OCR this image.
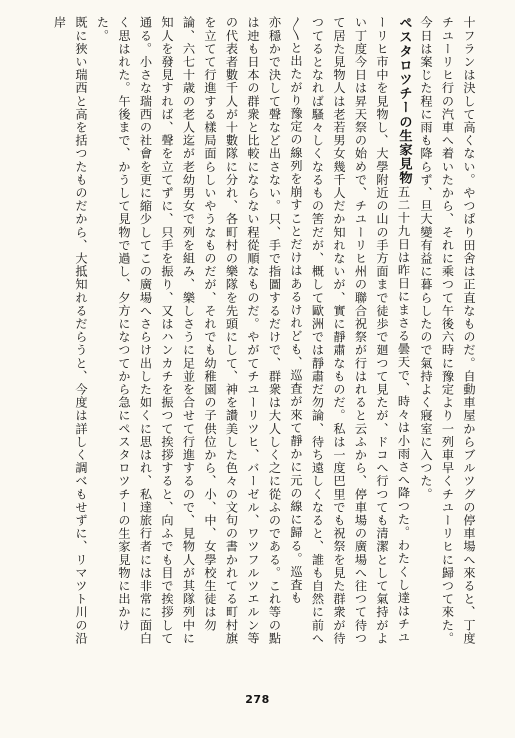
十フランは決して高くない。やつぱり田舍は正直なものだ。自動車屋からブルツグの停車場へ來ると、丁度チユーリヒ行の汽車へ着いたから、それに乘つて午後六時に豫定より一列車早くチユーリヒに歸つて來た。今日は案じた程に雨も降らず、旦大變有益に暮らしたので氣持よく寢室に入つた。

ペスタロツチーの生家見物五二十九日は昨日にまさる曇天で、時々は小雨さへ降つた。わたくし達はチユーリヒ市中を見物し、大學附近の山の手方面まで徒歩で廻つて見たが、ドコへ行つても清潔として氣持がよい丁度今日は昇天祭の始めで、チユーリヒ州の聯合祝祭が行はれると云ふから、停車場の廣場へ往つて待つて居た見物人は老若男女幾千人だか知れないが、實に靜肅なものだ。私は一度巴里でも祝祭を見た群衆が待つてるとなれば騷々しくなるもの筈だが、概して歐洲では靜肅だ勿論、待ち遠しくなると、誰も自然に前へ〳〵と出たがり豫定の線列を崩すことだけはあるけれども、巡査が來て靜かに元の線に歸る。巡査も

亦穩かで決して聲など出さない。只、手で指圖するだけで、群衆は大人しく之に從ふのである。これ等の點は迚も日本の群衆と比較にならない程從順なものだ。やがてチユーリツヒ、バーゼル、ワツフルツエルン等の代表者數千人が十數隊に分れ、各町村の樂隊を先頭にして、神を讚美した色々の文句の書かれてる町村旗を立てて行進する樣局面らしいやうなものだが、それでも幼稚園の子供位から、小、中、女學校生徒は勿論、六七十歳の老人迄が老幼男女で列を組み、樂しさうに足並を合せて行進するので、見物人が其隊列中に知人を發見すれば、聲を立てずに、只手を振り、又はハンカチを振つて挨拶すると、向ふでも目で挨拶して通る。小さな瑞西の社會を更に縮少してこの廣場へさらけ出した如くに思はれ、私達旅行者には非常に面白く思はれた。午後まで、かうして見物で過し、夕方になつてから急にペスタロツチーの生家見物に出かけた。

既に狹い瑞西と高を括つたものだから、大抵知れるだらうと、今度は詳しく調べもせずに、リマツト川の沿岸

278
